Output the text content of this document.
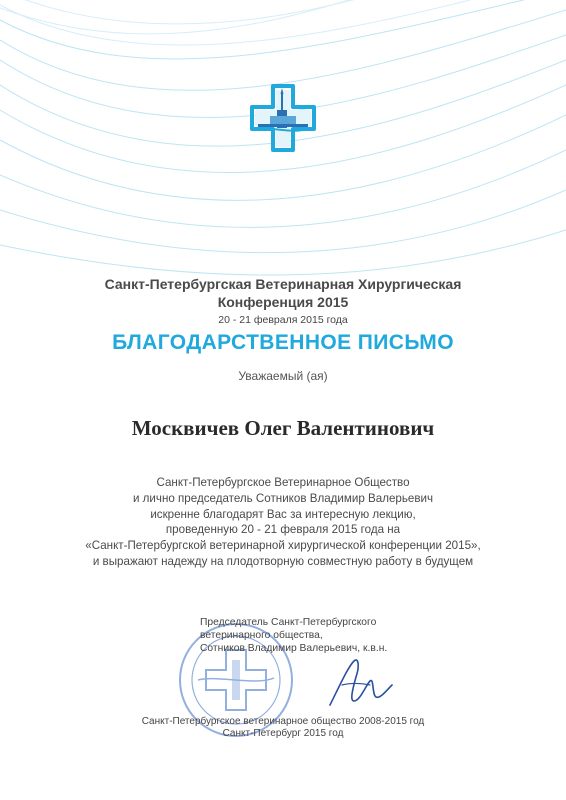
Санкт-Петербургская Ветеринарная Хирургическая
Конференция 2015
20 - 21 февраля 2015 года
БЛАГОДАРСТВЕННОЕ ПИСЬМО
Уважаемый (ая)
Москвичев Олег Валентинович
Санкт-Петербургское Ветеринарное Общество
и лично председатель Сотников Владимир Валерьевич
искренне благодарят Вас за интересную лекцию,
проведенную 20 - 21 февраля 2015 года на
«Санкт-Петербургской ветеринарной хирургической конференции 2015»,
и выражают надежду на плодотворную совместную работу в будущем
Председатель Санкт-Петербургского
ветеринарного общества,
Сотников Владимир Валерьевич, к.в.н.
Санкт-Петербургское ветеринарное общество 2008-2015 год
Санкт-Петербург 2015 год
